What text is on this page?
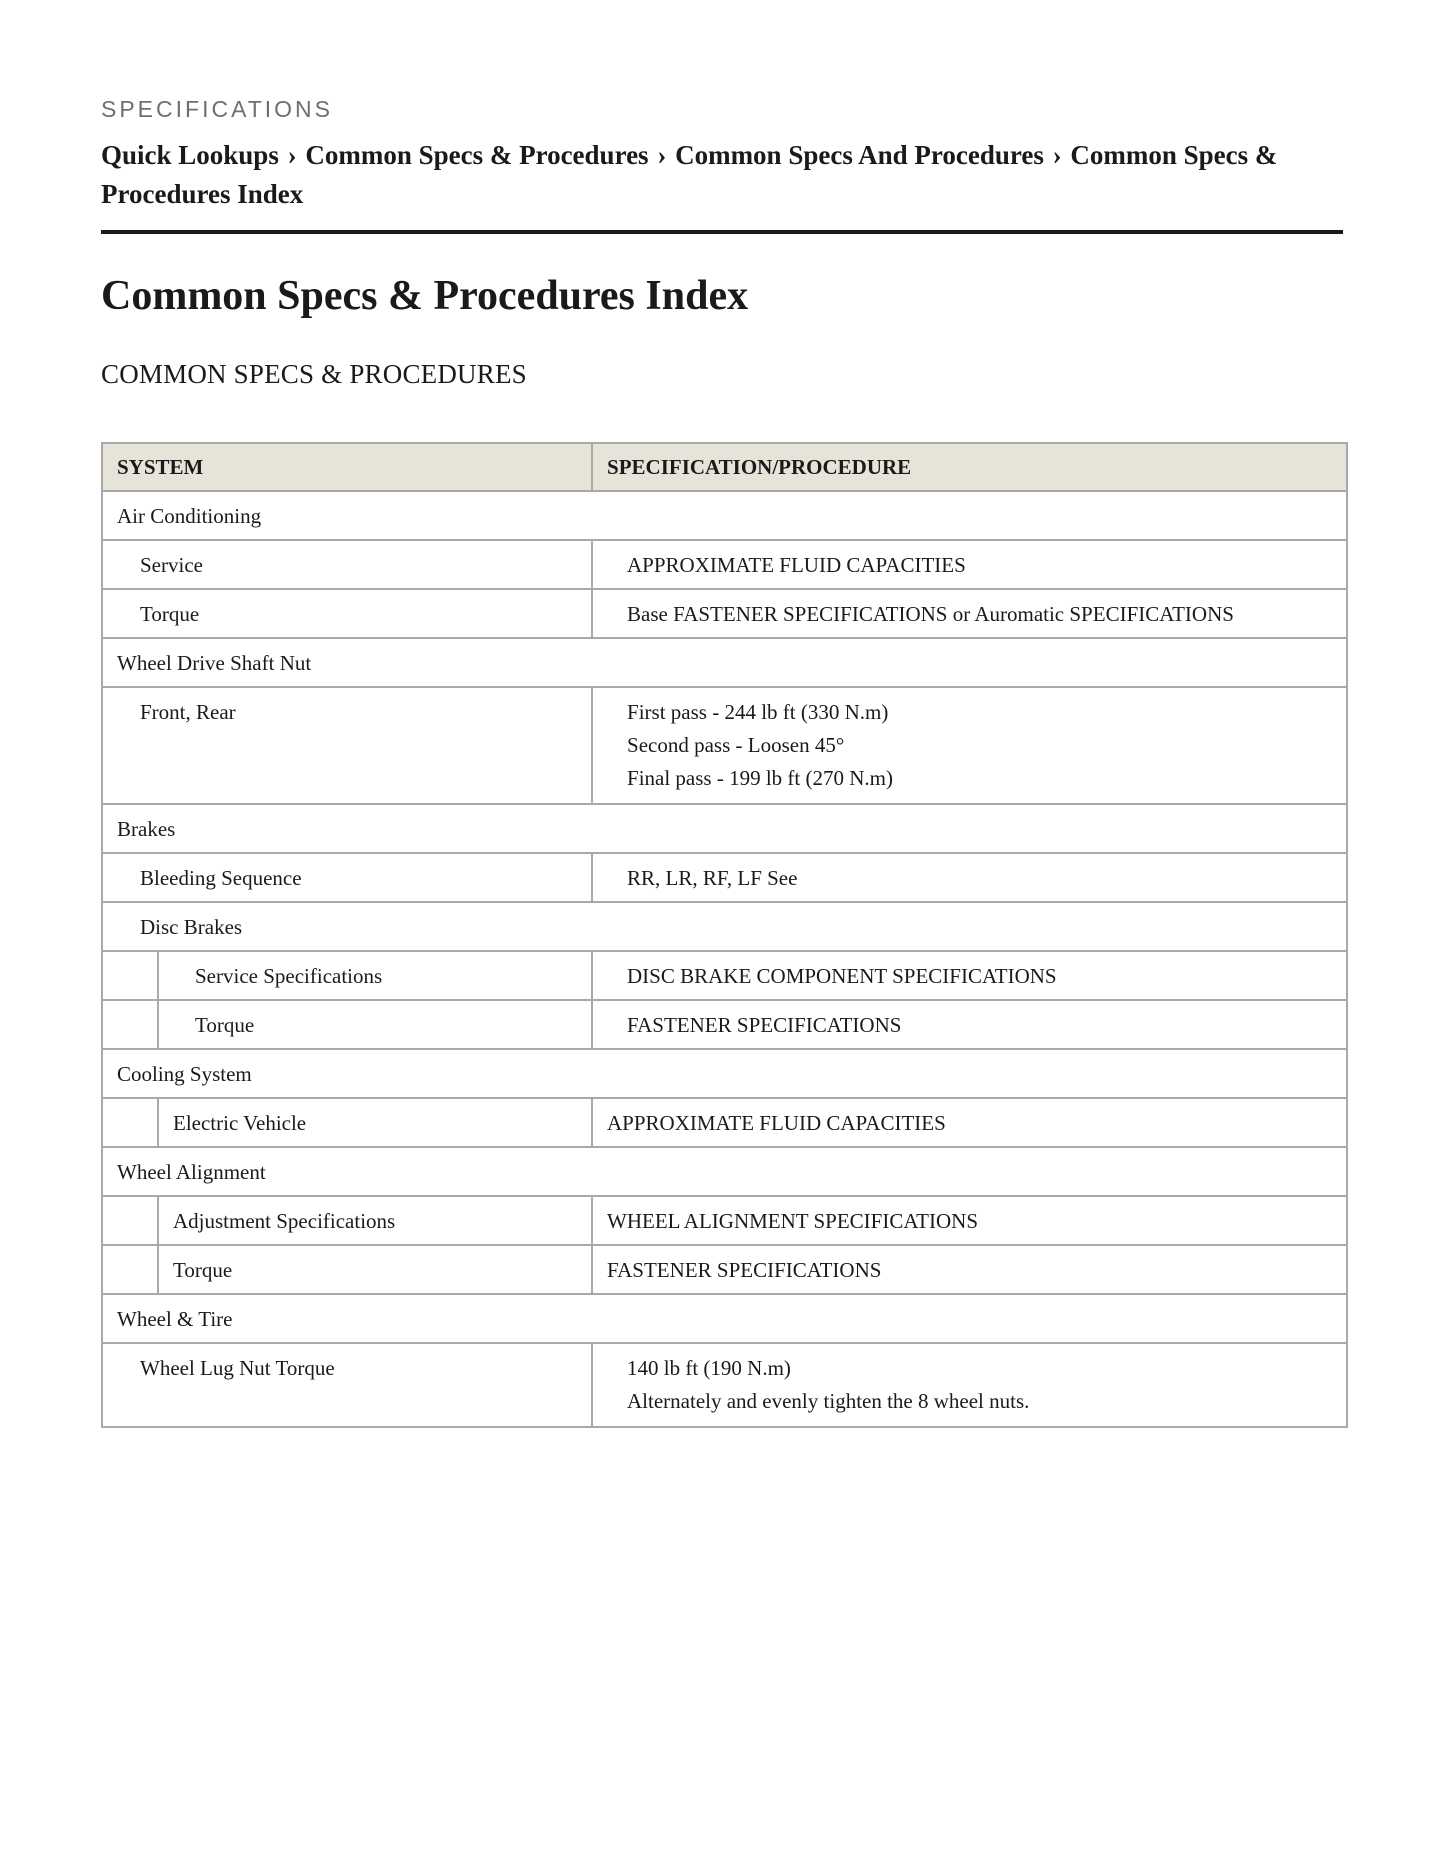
SPECIFICATIONS

Quick Lookups › Common Specs & Procedures › Common Specs And Procedures › Common Specs & Procedures Index
Common Specs & Procedures Index
COMMON SPECS & PROCEDURES
SYSTEM		SPECIFICATION/PROCEDURE

Air Conditioning		

Service		APPROXIMATE FLUID CAPACITIES

Torque		Base FASTENER SPECIFICATIONS or Auromatic SPECIFICATIONS

Wheel Drive Shaft Nut		

Front, Rear		First pass - 244 lb ft (330 N.m)
Second pass - Loosen 45°
Final pass - 199 lb ft (270 N.m)

Brakes		

Bleeding Sequence		RR, LR, RF, LF See

Disc Brakes		

	Service Specifications	DISC BRAKE COMPONENT SPECIFICATIONS

	Torque	FASTENER SPECIFICATIONS

Cooling System		

	Electric Vehicle	APPROXIMATE FLUID CAPACITIES

Wheel Alignment		

	Adjustment Specifications	WHEEL ALIGNMENT SPECIFICATIONS

	Torque	FASTENER SPECIFICATIONS

Wheel & Tire		

Wheel Lug Nut Torque		140 lb ft (190 N.m)
Alternately and evenly tighten the 8 wheel nuts.
